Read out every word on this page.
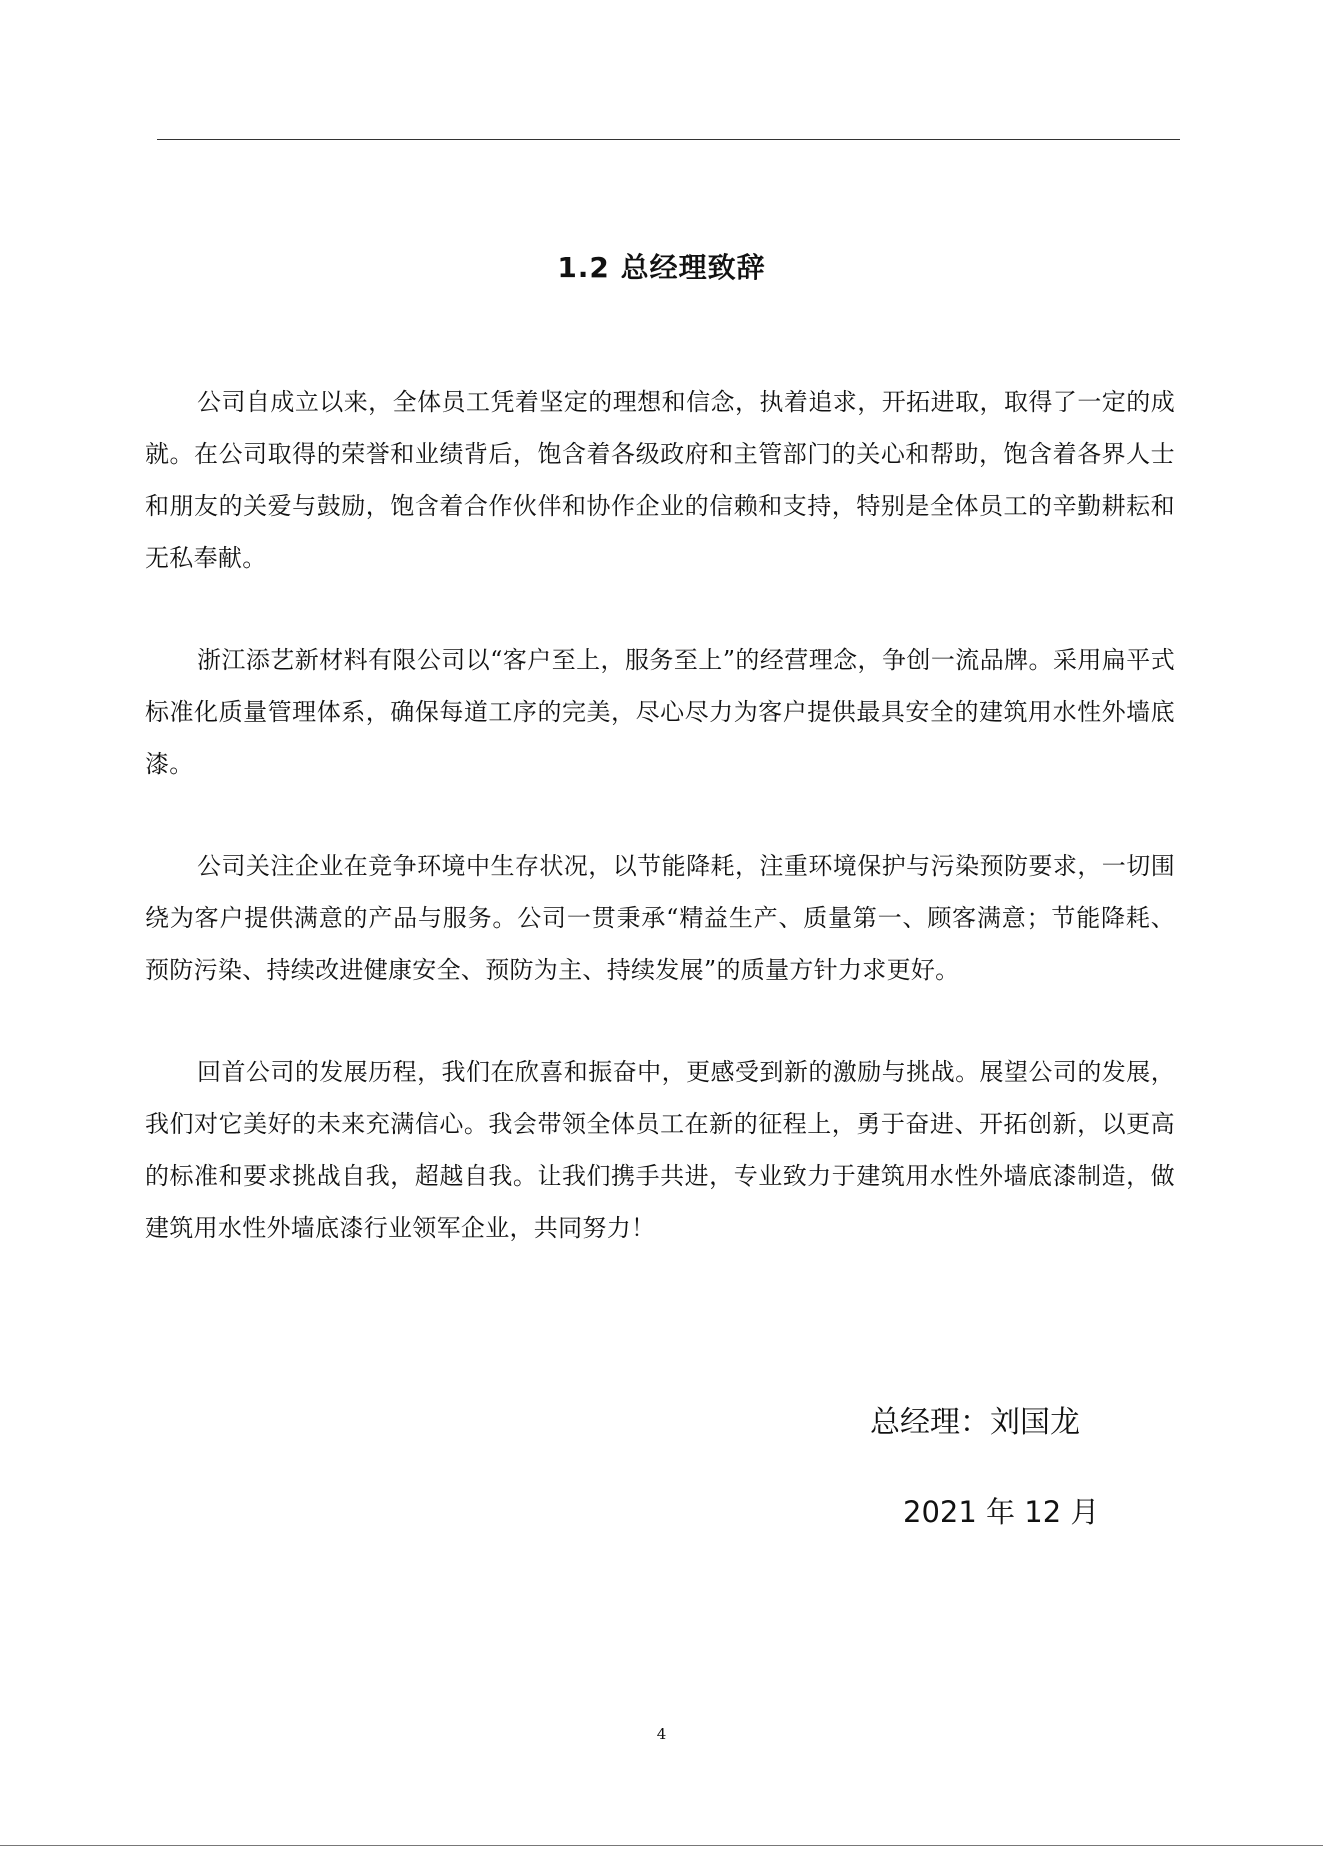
1.2 总经理致辞

公司自成立以来，全体员工凭着坚定的理想和信念，执着追求，开拓进取，取得了一定的成就。在公司取得的荣誉和业绩背后，饱含着各级政府和主管部门的关心和帮助，饱含着各界人士和朋友的关爱与鼓励，饱含着合作伙伴和协作企业的信赖和支持，特别是全体员工的辛勤耕耘和无私奉献。

浙江添艺新材料有限公司以“客户至上，服务至上”的经营理念，争创一流品牌。采用扁平式标准化质量管理体系，确保每道工序的完美，尽心尽力为客户提供最具安全的建筑用水性外墙底漆。

公司关注企业在竞争环境中生存状况，以节能降耗，注重环境保护与污染预防要求，一切围绕为客户提供满意的产品与服务。公司一贯秉承“精益生产、质量第一、顾客满意；节能降耗、预防污染、持续改进健康安全、预防为主、持续发展”的质量方针力求更好。

回首公司的发展历程，我们在欣喜和振奋中，更感受到新的激励与挑战。展望公司的发展，我们对它美好的未来充满信心。我会带领全体员工在新的征程上，勇于奋进、开拓创新，以更高的标准和要求挑战自我，超越自我。让我们携手共进，专业致力于建筑用水性外墙底漆制造，做建筑用水性外墙底漆行业领军企业，共同努力！

总经理：刘国龙
2021 年 12 月
4
